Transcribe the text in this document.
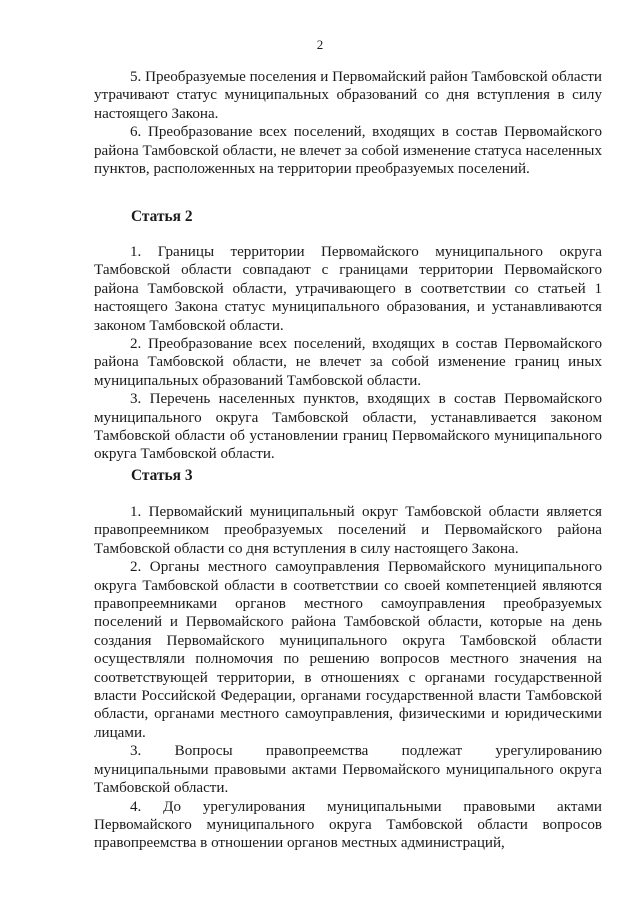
2

5. Преобразуемые поселения и Первомайский район Тамбовской области утрачивают статус муниципальных образований со дня вступления в силу настоящего Закона.

6. Преобразование всех поселений, входящих в состав Первомайского района Тамбовской области, не влечет за собой изменение статуса населенных пунктов, расположенных на территории преобразуемых поселений.

Статья 2

1. Границы территории Первомайского муниципального округа Тамбовской области совпадают с границами территории Первомайского района Тамбовской области, утрачивающего в соответствии со статьей 1 настоящего Закона статус муниципального образования, и устанавливаются законом Тамбовской области.

2. Преобразование всех поселений, входящих в состав Первомайского района Тамбовской области, не влечет за собой изменение границ иных муниципальных образований Тамбовской области.

3. Перечень населенных пунктов, входящих в состав Первомайского муниципального округа Тамбовской области, устанавливается законом Тамбовской области об установлении границ Первомайского муниципального округа Тамбовской области.

Статья 3

1. Первомайский муниципальный округ Тамбовской области является правопреемником преобразуемых поселений и Первомайского района Тамбовской области со дня вступления в силу настоящего Закона.

2. Органы местного самоуправления Первомайского муниципального округа Тамбовской области в соответствии со своей компетенцией являются правопреемниками органов местного самоуправления преобразуемых поселений и Первомайского района Тамбовской области, которые на день создания Первомайского муниципального округа Тамбовской области осуществляли полномочия по решению вопросов местного значения на соответствующей территории, в отношениях с органами государственной власти Российской Федерации, органами государственной власти Тамбовской области, органами местного самоуправления, физическими и юридическими лицами.

3. Вопросы правопреемства подлежат урегулированию муниципальными правовыми актами Первомайского муниципального округа Тамбовской области.

4. До урегулирования муниципальными правовыми актами Первомайского муниципального округа Тамбовской области вопросов правопреемства в отношении органов местных администраций,
